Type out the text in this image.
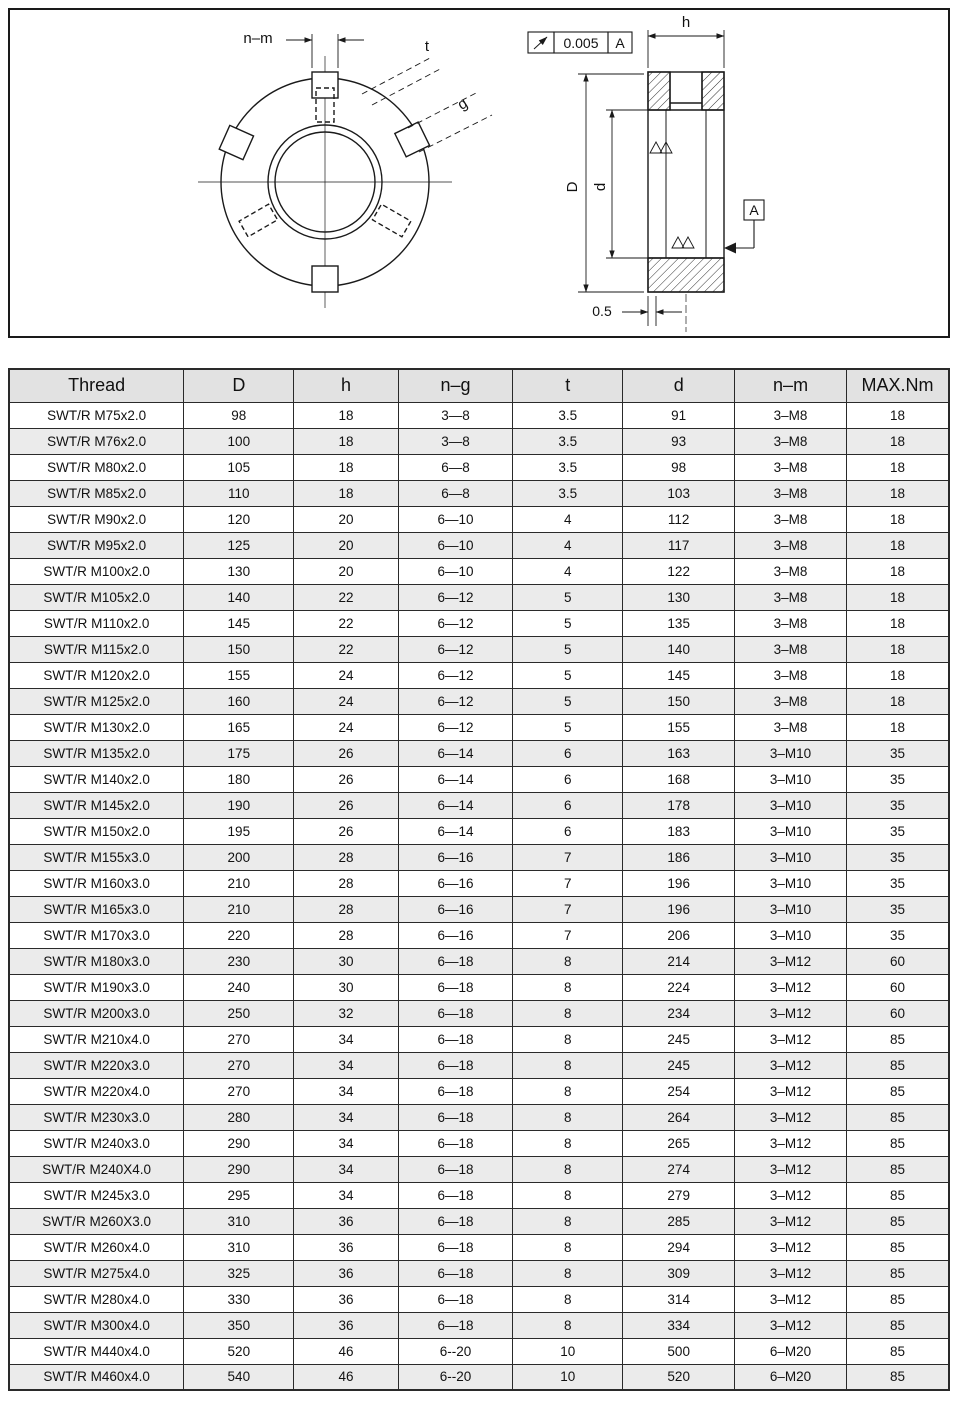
n–m	t
g
h
D d
0.5
A
0.005 A
Thread	D	h	n–g	t	d	n–m	MAX.Nm
SWT/R M75x2.0	98	18	3—8	3.5	91	3–M8	18
SWT/R M76x2.0	100	18	3—8	3.5	93	3–M8	18
SWT/R M80x2.0	105	18	6—8	3.5	98	3–M8	18
SWT/R M85x2.0	110	18	6—8	3.5	103	3–M8	18
SWT/R M90x2.0	120	20	6—10	4	112	3–M8	18
SWT/R M95x2.0	125	20	6—10	4	117	3–M8	18
SWT/R M100x2.0	130	20	6—10	4	122	3–M8	18
SWT/R M105x2.0	140	22	6—12	5	130	3–M8	18
SWT/R M110x2.0	145	22	6—12	5	135	3–M8	18
SWT/R M115x2.0	150	22	6—12	5	140	3–M8	18
SWT/R M120x2.0	155	24	6—12	5	145	3–M8	18
SWT/R M125x2.0	160	24	6—12	5	150	3–M8	18
SWT/R M130x2.0	165	24	6—12	5	155	3–M8	18
SWT/R M135x2.0	175	26	6—14	6	163	3–M10	35
SWT/R M140x2.0	180	26	6—14	6	168	3–M10	35
SWT/R M145x2.0	190	26	6—14	6	178	3–M10	35
SWT/R M150x2.0	195	26	6—14	6	183	3–M10	35
SWT/R M155x3.0	200	28	6—16	7	186	3–M10	35
SWT/R M160x3.0	210	28	6—16	7	196	3–M10	35
SWT/R M165x3.0	210	28	6—16	7	196	3–M10	35
SWT/R M170x3.0	220	28	6—16	7	206	3–M10	35
SWT/R M180x3.0	230	30	6—18	8	214	3–M12	60
SWT/R M190x3.0	240	30	6—18	8	224	3–M12	60
SWT/R M200x3.0	250	32	6—18	8	234	3–M12	60
SWT/R M210x4.0	270	34	6—18	8	245	3–M12	85
SWT/R M220x3.0	270	34	6—18	8	245	3–M12	85
SWT/R M220x4.0	270	34	6—18	8	254	3–M12	85
SWT/R M230x3.0	280	34	6—18	8	264	3–M12	85
SWT/R M240x3.0	290	34	6—18	8	265	3–M12	85
SWT/R M240X4.0	290	34	6—18	8	274	3–M12	85
SWT/R M245x3.0	295	34	6—18	8	279	3–M12	85
SWT/R M260X3.0	310	36	6—18	8	285	3–M12	85
SWT/R M260x4.0	310	36	6—18	8	294	3–M12	85
SWT/R M275x4.0	325	36	6—18	8	309	3–M12	85
SWT/R M280x4.0	330	36	6—18	8	314	3–M12	85
SWT/R M300x4.0	350	36	6—18	8	334	3–M12	85
SWT/R M440x4.0	520	46	6--20	10	500	6–M20	85
SWT/R M460x4.0	540	46	6--20	10	520	6–M20	85
